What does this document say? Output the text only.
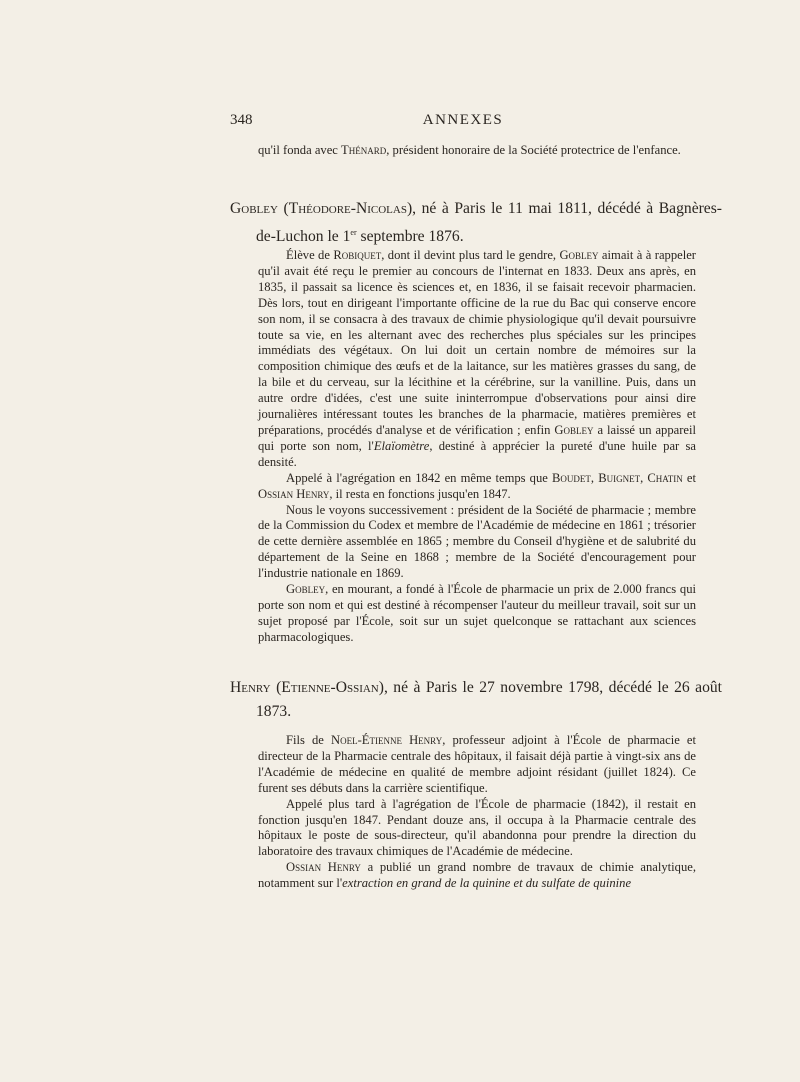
348	ANNEXES

qu'il fonda avec Thénard, président honoraire de la Société protectrice de l'enfance.

Gobley (Théodore-Nicolas), né à Paris le 11 mai 1811, décédé à Bagnères-de-Luchon le 1er septembre 1876.

Élève de Robiquet, dont il devint plus tard le gendre, Gobley aimait à à rappeler qu'il avait été reçu le premier au concours de l'internat en 1833. Deux ans après, en 1835, il passait sa licence ès sciences et, en 1836, il se faisait recevoir pharmacien. Dès lors, tout en dirigeant l'importante officine de la rue du Bac qui conserve encore son nom, il se consacra à des travaux de chimie physiologique qu'il devait poursuivre toute sa vie, en les alternant avec des recherches plus spéciales sur les principes immédiats des végétaux. On lui doit un certain nombre de mémoires sur la composition chimique des œufs et de la laitance, sur les matières grasses du sang, de la bile et du cerveau, sur la lécithine et la cérébrine, sur la vanilline. Puis, dans un autre ordre d'idées, c'est une suite ininterrompue d'observations pour ainsi dire journalières intéressant toutes les branches de la pharmacie, matières premières et préparations, procédés d'analyse et de vérification ; enfin Gobley a laissé un appareil qui porte son nom, l'Elaïomètre, destiné à apprécier la pureté d'une huile par sa densité.

Appelé à l'agrégation en 1842 en même temps que Boudet, Buignet, Chatin et Ossian Henry, il resta en fonctions jusqu'en 1847.

Nous le voyons successivement : président de la Société de pharmacie ; membre de la Commission du Codex et membre de l'Académie de médecine en 1861 ; trésorier de cette dernière assemblée en 1865 ; membre du Conseil d'hygiène et de salubrité du département de la Seine en 1868 ; membre de la Société d'encouragement pour l'industrie nationale en 1869.

Gobley, en mourant, a fondé à l'École de pharmacie un prix de 2.000 francs qui porte son nom et qui est destiné à récompenser l'auteur du meilleur travail, soit sur un sujet proposé par l'École, soit sur un sujet quelconque se rattachant aux sciences pharmacologiques.

Henry (Etienne-Ossian), né à Paris le 27 novembre 1798, décédé le 26 août 1873.

Fils de Noel-Étienne Henry, professeur adjoint à l'École de pharmacie et directeur de la Pharmacie centrale des hôpitaux, il faisait déjà partie à vingt-six ans de l'Académie de médecine en qualité de membre adjoint résidant (juillet 1824). Ce furent ses débuts dans la carrière scientifique.

Appelé plus tard à l'agrégation de l'École de pharmacie (1842), il restait en fonction jusqu'en 1847. Pendant douze ans, il occupa à la Pharmacie centrale des hôpitaux le poste de sous-directeur, qu'il abandonna pour prendre la direction du laboratoire des travaux chimiques de l'Académie de médecine.

Ossian Henry a publié un grand nombre de travaux de chimie analytique, notamment sur l'extraction en grand de la quinine et du sulfate de quinine
